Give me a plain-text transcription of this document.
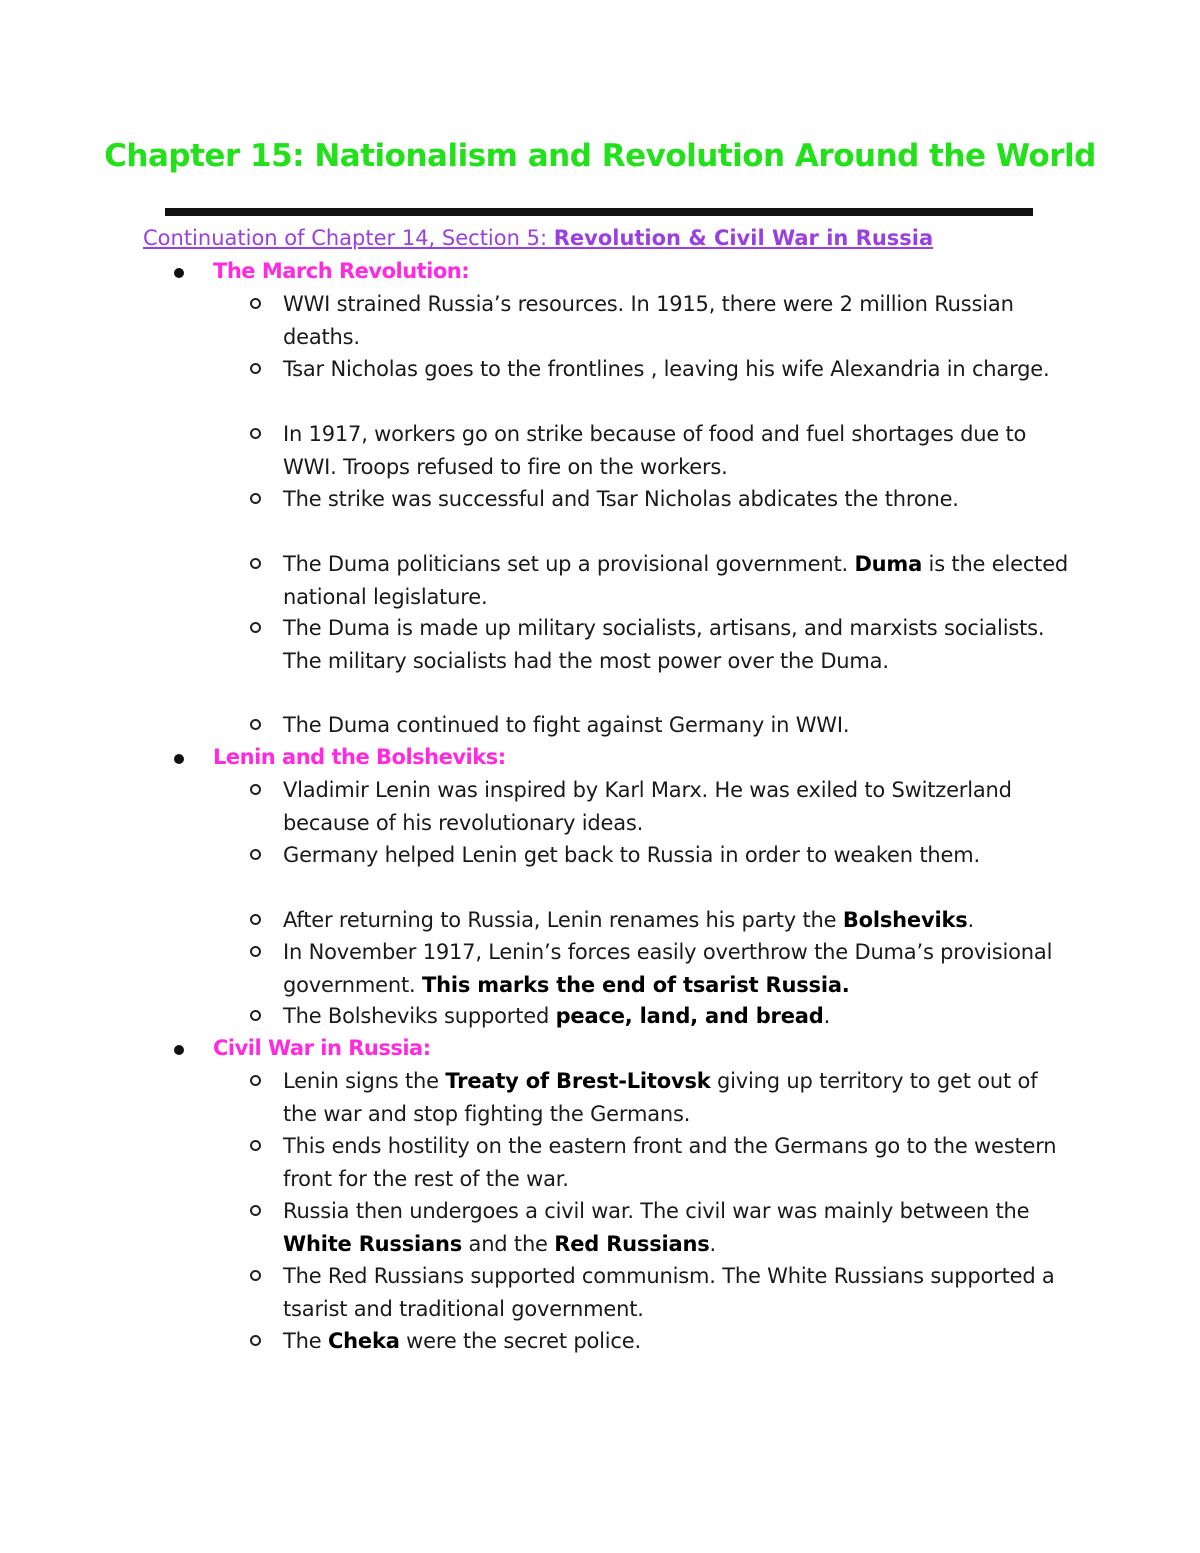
Chapter 15: Nationalism and Revolution Around the World
Continuation of Chapter 14, Section 5: Revolution & Civil War in Russia
The March Revolution:
WWI strained Russia’s resources. In 1915, there were 2 million Russian deaths.
Tsar Nicholas goes to the frontlines , leaving his wife Alexandria in charge.
In 1917, workers go on strike because of food and fuel shortages due to WWI. Troops refused to fire on the workers.
The strike was successful and Tsar Nicholas abdicates the throne.
The Duma politicians set up a provisional government. Duma is the elected national legislature.
The Duma is made up military socialists, artisans, and marxists socialists. The military socialists had the most power over the Duma.
The Duma continued to fight against Germany in WWI.
Lenin and the Bolsheviks:
Vladimir Lenin was inspired by Karl Marx. He was exiled to Switzerland because of his revolutionary ideas.
Germany helped Lenin get back to Russia in order to weaken them.
After returning to Russia, Lenin renames his party the Bolsheviks.
In November 1917, Lenin’s forces easily overthrow the Duma’s provisional government. This marks the end of tsarist Russia.
The Bolsheviks supported peace, land, and bread.
Civil War in Russia:
Lenin signs the Treaty of Brest-Litovsk giving up territory to get out of the war and stop fighting the Germans.
This ends hostility on the eastern front and the Germans go to the western front for the rest of the war.
Russia then undergoes a civil war. The civil war was mainly between the White Russians and the Red Russians.
The Red Russians supported communism. The White Russians supported a tsarist and traditional government.
The Cheka were the secret police.
